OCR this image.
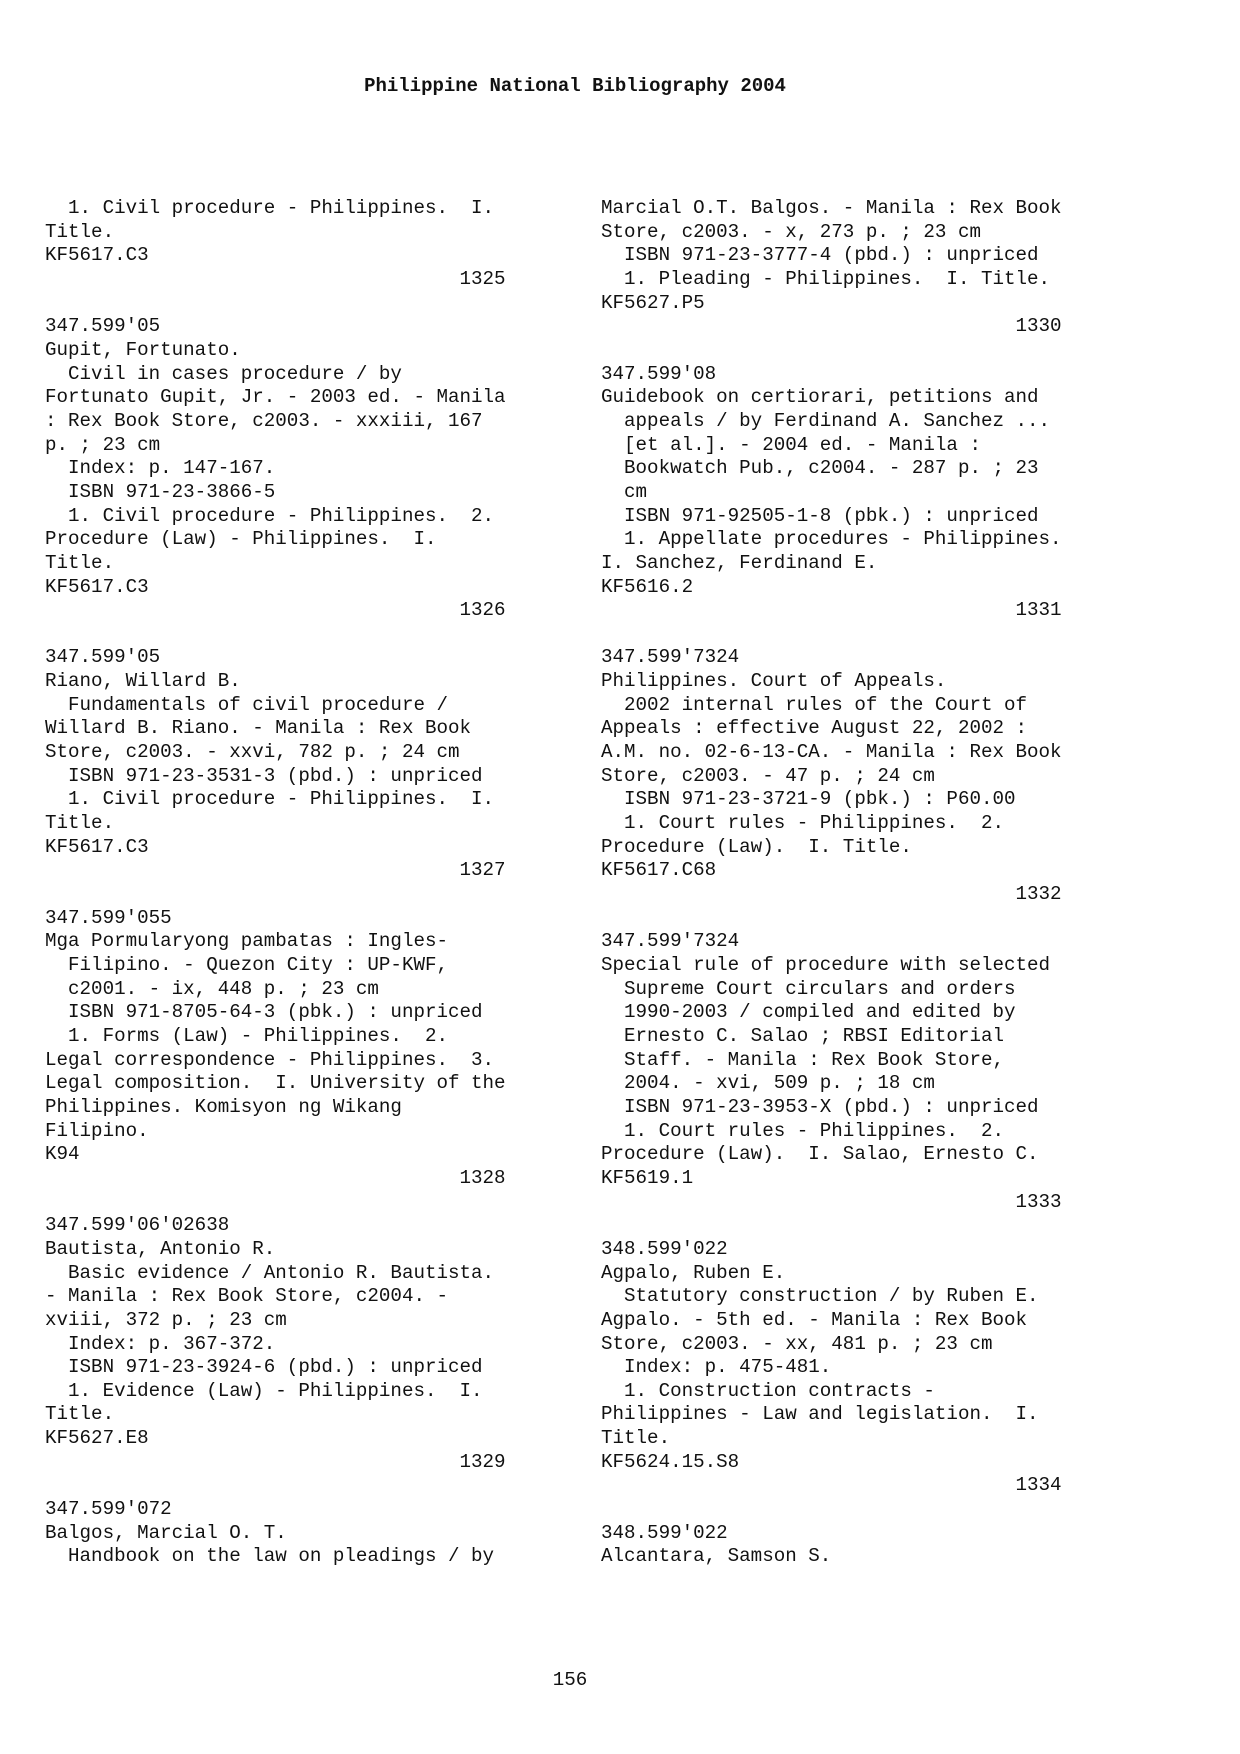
Philippine National Bibliography 2004
1. Civil procedure - Philippines.  I.
Title.
KF5617.C3
1325
347.599'05
Gupit, Fortunato.
Civil in cases procedure / by
Fortunato Gupit, Jr. - 2003 ed. - Manila
: Rex Book Store, c2003. - xxxiii, 167
p. ; 23 cm
Index: p. 147-167.
ISBN 971-23-3866-5
1. Civil procedure - Philippines.  2.
Procedure (Law) - Philippines.  I.
Title.
KF5617.C3
1326
347.599'05
Riano, Willard B.
Fundamentals of civil procedure /
Willard B. Riano. - Manila : Rex Book
Store, c2003. - xxvi, 782 p. ; 24 cm
ISBN 971-23-3531-3 (pbd.) : unpriced
1. Civil procedure - Philippines.  I.
Title.
KF5617.C3
1327
347.599'055
Mga Pormularyong pambatas : Ingles-
Filipino. - Quezon City : UP-KWF,
c2001. - ix, 448 p. ; 23 cm
ISBN 971-8705-64-3 (pbk.) : unpriced
1. Forms (Law) - Philippines.  2.
Legal correspondence - Philippines.  3.
Legal composition.  I. University of the
Philippines. Komisyon ng Wikang
Filipino.
K94
1328
347.599'06'02638
Bautista, Antonio R.
Basic evidence / Antonio R. Bautista.
- Manila : Rex Book Store, c2004. -
xviii, 372 p. ; 23 cm
Index: p. 367-372.
ISBN 971-23-3924-6 (pbd.) : unpriced
1. Evidence (Law) - Philippines.  I.
Title.
KF5627.E8
1329
347.599'072
Balgos, Marcial O. T.
Handbook on the law on pleadings / by
Marcial O.T. Balgos. - Manila : Rex Book
Store, c2003. - x, 273 p. ; 23 cm
ISBN 971-23-3777-4 (pbd.) : unpriced
1. Pleading - Philippines.  I. Title.
KF5627.P5
1330
347.599'08
Guidebook on certiorari, petitions and
appeals / by Ferdinand A. Sanchez ...
[et al.]. - 2004 ed. - Manila :
Bookwatch Pub., c2004. - 287 p. ; 23
cm
ISBN 971-92505-1-8 (pbk.) : unpriced
1. Appellate procedures - Philippines.
I. Sanchez, Ferdinand E.
KF5616.2
1331
347.599'7324
Philippines. Court of Appeals.
2002 internal rules of the Court of
Appeals : effective August 22, 2002 :
A.M. no. 02-6-13-CA. - Manila : Rex Book
Store, c2003. - 47 p. ; 24 cm
ISBN 971-23-3721-9 (pbk.) : P60.00
1. Court rules - Philippines.  2.
Procedure (Law).  I. Title.
KF5617.C68
1332
347.599'7324
Special rule of procedure with selected
Supreme Court circulars and orders
1990-2003 / compiled and edited by
Ernesto C. Salao ; RBSI Editorial
Staff. - Manila : Rex Book Store,
2004. - xvi, 509 p. ; 18 cm
ISBN 971-23-3953-X (pbd.) : unpriced
1. Court rules - Philippines.  2.
Procedure (Law).  I. Salao, Ernesto C.
KF5619.1
1333
348.599'022
Agpalo, Ruben E.
Statutory construction / by Ruben E.
Agpalo. - 5th ed. - Manila : Rex Book
Store, c2003. - xx, 481 p. ; 23 cm
Index: p. 475-481.
1. Construction contracts -
Philippines - Law and legislation.  I.
Title.
KF5624.15.S8
1334
348.599'022
Alcantara, Samson S.
156
